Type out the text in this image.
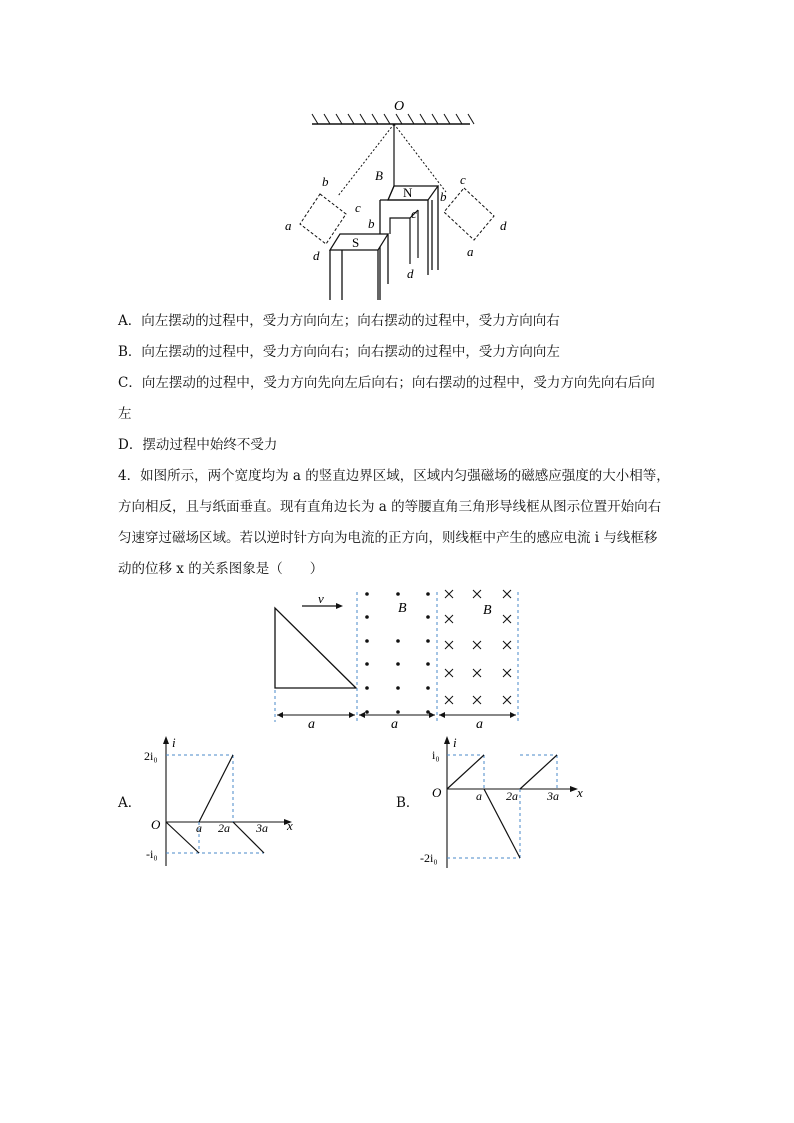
O
B
N
S
a
b
c
d
b
c
d
b
c
d
a
A．向左摆动的过程中，受力方向向左；向右摆动的过程中，受力方向向右
B．向左摆动的过程中，受力方向向右；向右摆动的过程中，受力方向向左
C．向左摆动的过程中，受力方向先向左后向右；向右摆动的过程中，受力方向先向右后向
左
D．摆动过程中始终不受力
4．如图所示，两个宽度均为 a 的竖直边界区域，区域内匀强磁场的磁感应强度的大小相等，
方向相反，且与纸面垂直。现有直角边长为 a 的等腰直角三角形导线框从图示位置开始向右
匀速穿过磁场区域。若以逆时针方向为电流的正方向，则线框中产生的感应电流 i 与线框移
动的位移 x 的关系图象是（　　）
v
B	B
a	a	a
A．
i
x
O
2i₀
-i₀
a 2a 3a
B．
i
x
O
i₀
-2i₀
a 2a 3a
